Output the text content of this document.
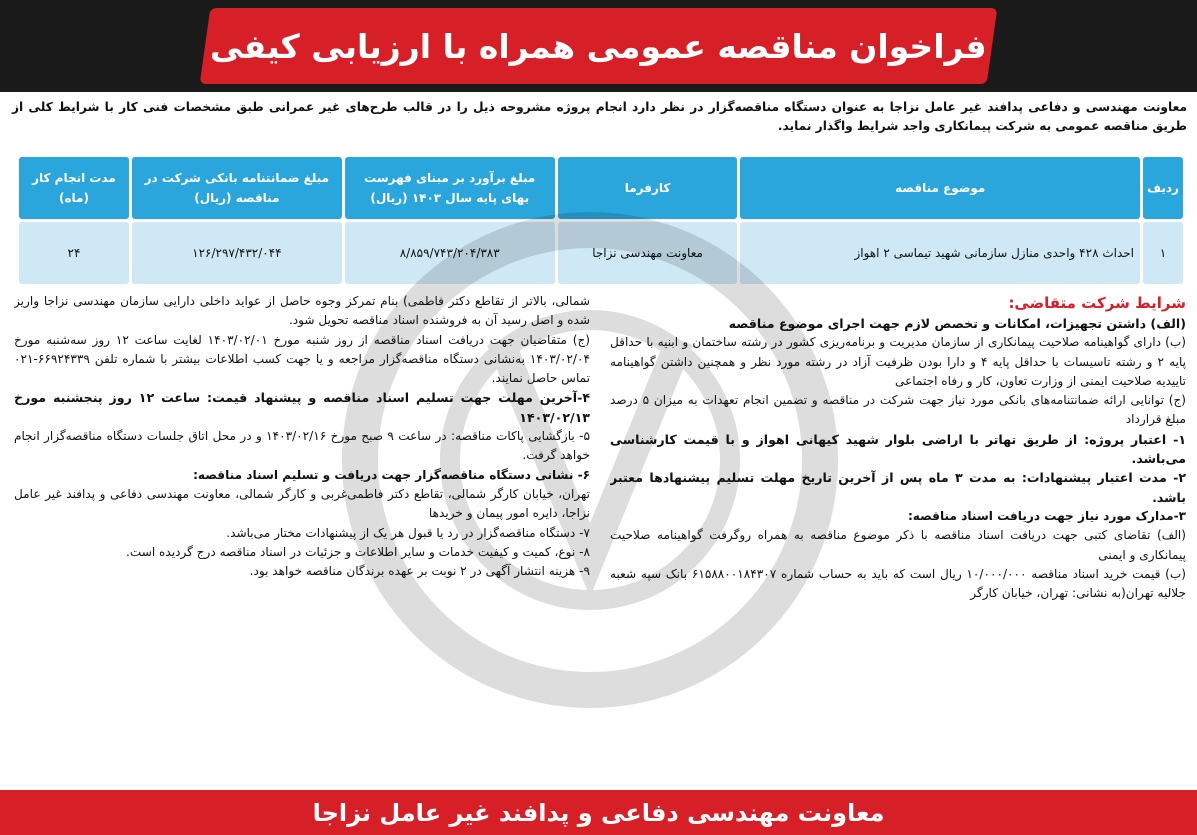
فراخوان مناقصه عمومی همراه با ارزیابی کیفی

معاونت مهندسی و دفاعی پدافند غیر عامل نزاجا به عنوان دستگاه مناقصه‌گزار در نظر دارد انجام پروژه مشروحه ذیل را در قالب طرح‌های غیر عمرانی طبق مشخصات فنی کار با شرایط کلی از طریق مناقصه عمومی به شرکت پیمانکاری واجد شرایط واگذار نماید.

ردیف	موضوع مناقصه	کارفرما	مبلغ برآورد بر مبنای فهرست بهای پایه سال ۱۴۰۳ (ریال)	مبلغ ضمانتنامه بانکی شرکت در مناقصه (ریال)	مدت انجام کار (ماه)
۱	احداث ۴۲۸ واحدی منازل سازمانی شهید تیماسی ۲ اهواز	معاونت مهندسی نزاجا	۸/۸۵۹/۷۴۳/۲۰۴/۳۸۳	۱۲۶/۲۹۷/۴۳۲/۰۴۴	۲۴

شرایط شرکت متقاضی:

(الف) داشتن تجهیزات، امکانات و تخصص لازم جهت اجرای موضوع مناقصه

(ب) دارای گواهینامه صلاحیت پیمانکاری از سازمان مدیریت و برنامه‌ریزی کشور در رشته ساختمان و ابنیه با حداقل پایه ۲ و رشته تاسیسات با حداقل پایه ۴ و دارا بودن ظرفیت آزاد در رشته مورد نظر و همچنین داشتن گواهینامه تاییدیه صلاحیت ایمنی از وزارت تعاون، کار و رفاه اجتماعی

(ج) توانایی ارائه ضمانتنامه‌های بانکی مورد نیاز جهت شرکت در مناقصه و تضمین انجام تعهدات به میزان ۵ درصد مبلغ قرارداد

۱- اعتبار پروژه: از طریق تهاتر با اراضی بلوار شهید کیهانی اهواز و با قیمت کارشناسی می‌باشد.

۲- مدت اعتبار پیشنهادات: به مدت ۳ ماه پس از آخرین تاریخ مهلت تسلیم پیشنهادها معتبر باشد.

۳-مدارک مورد نیاز جهت دریافت اسناد مناقصه:

(الف) تقاضای کتبی جهت دریافت اسناد مناقصه با ذکر موضوع مناقصه به همراه روگرفت گواهینامه صلاحیت پیمانکاری و ایمنی

(ب) قیمت خرید اسناد مناقصه ۱۰/۰۰۰/۰۰۰ ریال است که باید به حساب شماره ۶۱۵۸۸۰۰۱۸۴۳۰۷ بانک سپه شعبه جلالیه تهران(به نشانی: تهران، خیابان کارگر

شمالی، بالاتر از تقاطع دکتر فاطمی) بنام تمرکز وجوه حاصل از عواید داخلی دارایی سازمان مهندسی نزاجا واریز شده و اصل رسید آن به فروشنده اسناد مناقصه تحویل شود.

(ج) متقاضیان جهت دریافت اسناد مناقصه از روز شنبه مورخ ۱۴۰۳/۰۲/۰۱ لغایت ساعت ۱۲ روز سه‌شنبه مورخ ۱۴۰۳/۰۲/۰۴ به‌نشانی دستگاه مناقصه‌گزار مراجعه و یا جهت کسب اطلاعات بیشتر با شماره تلفن ۶۶۹۲۴۳۳۹-۰۲۱ تماس حاصل نمایند.

۴-آخرین مهلت جهت تسلیم اسناد مناقصه و پیشنهاد قیمت: ساعت ۱۲ روز پنجشنبه مورخ ۱۴۰۳/۰۲/۱۳

۵- بازگشایی پاکات مناقصه: در ساعت ۹ صبح مورخ ۱۴۰۳/۰۲/۱۶ و در محل اتاق جلسات دستگاه مناقصه‌گزار انجام خواهد گرفت.

۶- نشانی دستگاه مناقصه‌گزار جهت دریافت و تسلیم اسناد مناقصه:

تهران، خیابان کارگر شمالی، تقاطع دکتر فاطمی‌غربی و کارگر شمالی، معاونت مهندسی دفاعی و پدافند غیر عامل نزاجا، دایره امور پیمان و خریدها

۷- دستگاه مناقصه‌گزار در رد یا قبول هر یک از پیشنهادات مختار می‌باشد.

۸- نوع، کمیت و کیفیت خدمات و سایر اطلاعات و جزئیات در اسناد مناقصه درج گردیده است.

۹- هزینه انتشار آگهی در ۲ نوبت بر عهده برندگان مناقصه خواهد بود.

معاونت مهندسی دفاعی و پدافند غیر عامل نزاجا
